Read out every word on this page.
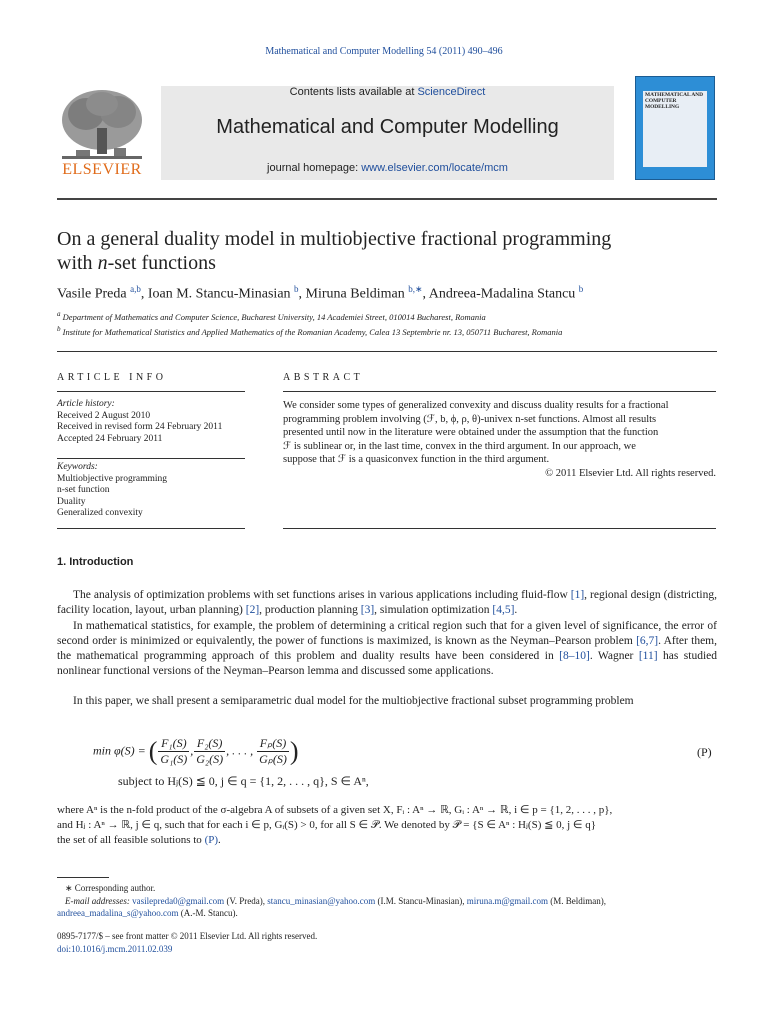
Mathematical and Computer Modelling 54 (2011) 490–496
Contents lists available at ScienceDirect
Mathematical and Computer Modelling
journal homepage: www.elsevier.com/locate/mcm
ELSEVIER
MATHEMATICAL AND COMPUTER MODELLING
On a general duality model in multiobjective fractional programming
with n-set functions
Vasile Preda $^{a,b}$, Ioan M. Stancu-Minasian $^b$, Miruna Beldiman $^{b,∗}$, Andreea-Madalina Stancu $^b$
$^a$ Department of Mathematics and Computer Science, Bucharest University, 14 Academiei Street, 010014 Bucharest, Romania
$^b$ Institute for Mathematical Statistics and Applied Mathematics of the Romanian Academy, Calea 13 Septembrie nr. 13, 050711 Bucharest, Romania
ARTICLE INFO
Article history:
Received 2 August 2010
Received in revised form 24 February 2011
Accepted 24 February 2011
Keywords:
Multiobjective programming
n-set function
Duality
Generalized convexity
ABSTRACT
We consider some types of generalized convexity and discuss duality results for a fractional
programming problem involving (ℱ, b, ϕ, ρ, θ)-univex n-set functions. Almost all results
presented until now in the literature were obtained under the assumption that the function
ℱ is sublinear or, in the last time, convex in the third argument. In our approach, we
suppose that ℱ is a quasiconvex function in the third argument.
© 2011 Elsevier Ltd. All rights reserved.
1. Introduction
The analysis of optimization problems with set functions arises in various applications including fluid-flow [1], regional design (districting, facility location, layout, urban planning) [2], production planning [3], simulation optimization [4,5].
In mathematical statistics, for example, the problem of determining a critical region such that for a given level of significance, the error of second order is minimized or equivalently, the power of functions is maximized, is known as the Neyman–Pearson problem [6,7]. After them, the mathematical programming approach of this problem and duality results have been considered in [8–10]. Wagner [11] has studied nonlinear functional versions of the Neyman–Pearson lemma and discussed some applications.
In this paper, we shall present a semiparametric dual model for the multiobjective fractional subset programming problem
min φ(S) = ( $\frac{\text{F₁(S)}}{\text{G₁(S)}}$ , $\frac{\text{F₂(S)}}{\text{G₂(S)}}$ , . . . , $\frac{\text{Fₚ(S)}}{\text{Gₚ(S)}}$ )	(P)
subject to Hⱼ(S) ≦ 0, j ∈ q = {1, 2, . . . , q}, S ∈ Aⁿ,
where Aⁿ is the n-fold product of the σ-algebra A of subsets of a given set X, Fᵢ : Aⁿ → ℝ, Gᵢ : Aⁿ → ℝ, i ∈ p = {1, 2, . . . , p},
and Hⱼ : Aⁿ → ℝ, j ∈ q, such that for each i ∈ p, Gᵢ(S) > 0, for all S ∈ 𝒫. We denoted by 𝒫 = {S ∈ Aⁿ : Hⱼ(S) ≦ 0, j ∈ q}
the set of all feasible solutions to (P).
∗ Corresponding author.
E-mail addresses: vasilepreda0@gmail.com (V. Preda), stancu_minasian@yahoo.com (I.M. Stancu-Minasian), miruna.m@gmail.com (M. Beldiman),
andreea_madalina_s@yahoo.com (A.-M. Stancu).
0895-7177/$ – see front matter © 2011 Elsevier Ltd. All rights reserved.
doi:10.1016/j.mcm.2011.02.039
